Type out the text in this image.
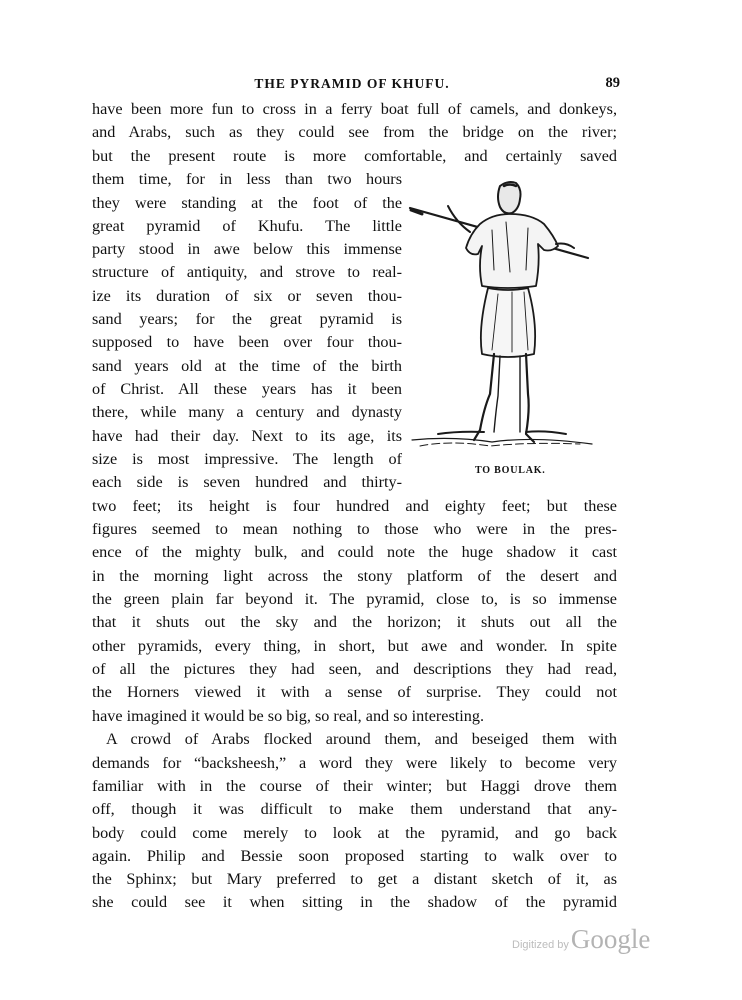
THE PYRAMID OF KHUFU.	89
have been more fun to cross in a ferry boat full of camels, and donkeys,
and Arabs, such as they could see from the bridge on the river;
but the present route is more comfortable, and certainly saved
them time, for in less than two hours
they were standing at the foot of the
great pyramid of Khufu. The little
party stood in awe below this immense
structure of antiquity, and strove to real-
ize its duration of six or seven thou-
sand years; for the great pyramid is
supposed to have been over four thou-
sand years old at the time of the birth
of Christ. All these years has it been
there, while many a century and dynasty
have had their day. Next to its age, its
size is most impressive. The length of
each side is seven hundred and thirty-
two feet; its height is four hundred and eighty feet; but these
figures seemed to mean nothing to those who were in the pres-
ence of the mighty bulk, and could note the huge shadow it cast
in the morning light across the stony platform of the desert and
the green plain far beyond it. The pyramid, close to, is so immense
that it shuts out the sky and the horizon; it shuts out all the
other pyramids, every thing, in short, but awe and wonder. In spite
of all the pictures they had seen, and descriptions they had read,
the Horners viewed it with a sense of surprise. They could not
have imagined it would be so big, so real, and so interesting.
A crowd of Arabs flocked around them, and beseiged them with
demands for “backsheesh,” a word they were likely to become very
familiar with in the course of their winter; but Haggi drove them
off, though it was difficult to make them understand that any-
body could come merely to look at the pyramid, and go back
again. Philip and Bessie soon proposed starting to walk over to
the Sphinx; but Mary preferred to get a distant sketch of it, as
she could see it when sitting in the shadow of the pyramid
TO BOULAK.
Digitized by Google
